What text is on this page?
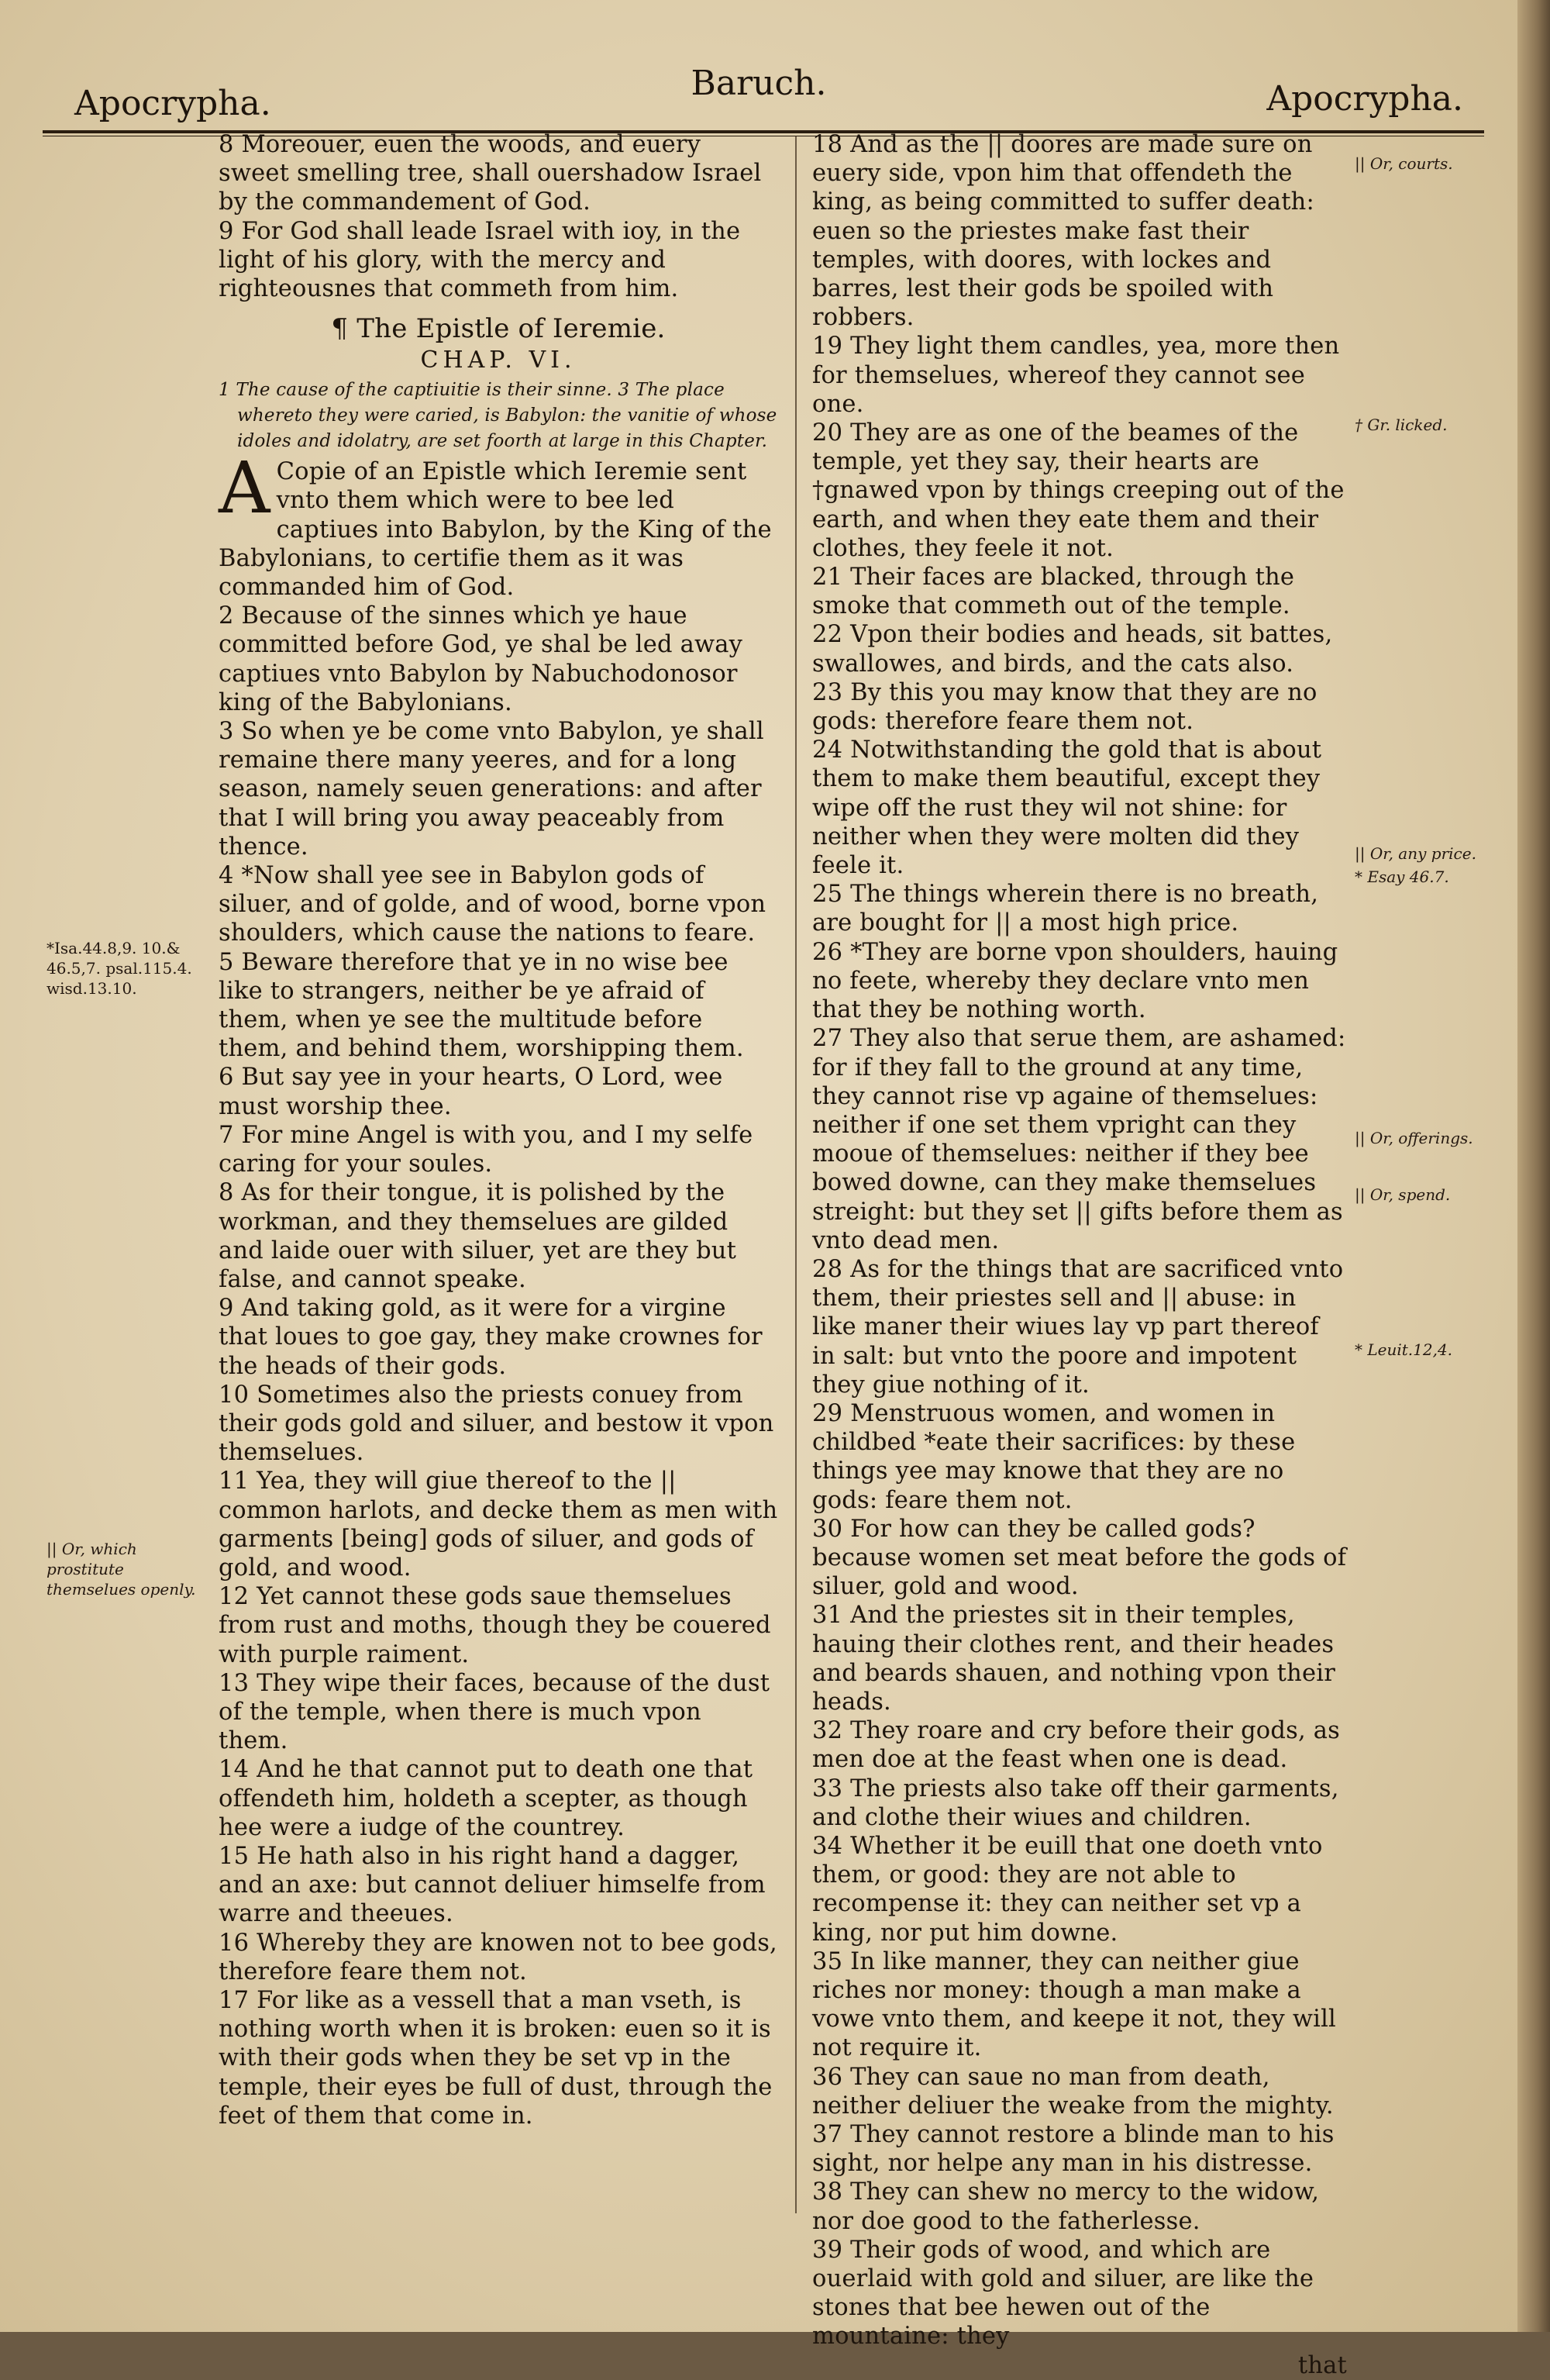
Apocrypha.
Baruch.	Apocrypha.

8 Moreouer, euen the woods, and euery sweet smelling tree, shall ouershadow Israel by the commandement of God.

9 For God shall leade Israel with ioy, in the light of his glory, with the mercy and righteousnes that commeth from him.

¶ The Epistle of Ieremie.
CHAP. VI.

1 The cause of the captiuitie is their sinne. 3 The place whereto they were caried, is Babylon: the vanitie of whose idoles and idolatry, are set foorth at large in this Chapter.

A Copie of an Epistle which Ieremie sent vnto them which were to bee led captiues into Babylon, by the King of the Babylonians, to certifie them as it was commanded him of God.

2 Because of the sinnes which ye haue committed before God, ye shal be led away captiues vnto Babylon by Nabuchodonosor king of the Babylonians.

3 So when ye be come vnto Babylon, ye shall remaine there many yeeres, and for a long season, namely seuen generations: and after that I will bring you away peaceably from thence.

4 *Now shall yee see in Babylon gods of siluer, and of golde, and of wood, borne vpon shoulders, which cause the nations to feare.

5 Beware therefore that ye in no wise bee like to strangers, neither be ye afraid of them, when ye see the multitude before them, and behind them, worshipping them.

6 But say yee in your hearts, O Lord, wee must worship thee.

7 For mine Angel is with you, and I my selfe caring for your soules.

8 As for their tongue, it is polished by the workman, and they themselues are gilded and laide ouer with siluer, yet are they but false, and cannot speake.

9 And taking gold, as it were for a virgine that loues to goe gay, they make crownes for the heads of their gods.

10 Sometimes also the priests conuey from their gods gold and siluer, and bestow it vpon themselues.

11 Yea, they will giue thereof to the || common harlots, and decke them as men with garments [being] gods of siluer, and gods of gold, and wood.

12 Yet cannot these gods saue themselues from rust and moths, though they be couered with purple raiment.

13 They wipe their faces, because of the dust of the temple, when there is much vpon them.

14 And he that cannot put to death one that offendeth him, holdeth a scepter, as though hee were a iudge of the countrey.

15 He hath also in his right hand a dagger, and an axe: but cannot deliuer himselfe from warre and theeues.

16 Whereby they are knowen not to bee gods, therefore feare them not.

17 For like as a vessell that a man vseth, is nothing worth when it is broken: euen so it is with their gods when they be set vp in the temple, their eyes be full of dust, through the feet of them that come in.

18 And as the || doores are made sure on euery side, vpon him that offendeth the king, as being committed to suffer death: euen so the priestes make fast their temples, with doores, with lockes and barres, lest their gods be spoiled with robbers.

19 They light them candles, yea, more then for themselues, whereof they cannot see one.

20 They are as one of the beames of the temple, yet they say, their hearts are †gnawed vpon by things creeping out of the earth, and when they eate them and their clothes, they feele it not.

21 Their faces are blacked, through the smoke that commeth out of the temple.

22 Vpon their bodies and heads, sit battes, swallowes, and birds, and the cats also.

23 By this you may know that they are no gods: therefore feare them not.

24 Notwithstanding the gold that is about them to make them beautiful, except they wipe off the rust they wil not shine: for neither when they were molten did they feele it.

25 The things wherein there is no breath, are bought for || a most high price.

26 *They are borne vpon shoulders, hauing no feete, whereby they declare vnto men that they be nothing worth.

27 They also that serue them, are ashamed: for if they fall to the ground at any time, they cannot rise vp againe of themselues: neither if one set them vpright can they mooue of themselues: neither if they bee bowed downe, can they make themselues streight: but they set || gifts before them as vnto dead men.

28 As for the things that are sacrificed vnto them, their priestes sell and || abuse: in like maner their wiues lay vp part thereof in salt: but vnto the poore and impotent they giue nothing of it.

29 Menstruous women, and women in childbed *eate their sacrifices: by these things yee may knowe that they are no gods: feare them not.

30 For how can they be called gods? because women set meat before the gods of siluer, gold and wood.

31 And the priestes sit in their temples, hauing their clothes rent, and their heades and beards shauen, and nothing vpon their heads.

32 They roare and cry before their gods, as men doe at the feast when one is dead.

33 The priests also take off their garments, and clothe their wiues and children.

34 Whether it be euill that one doeth vnto them, or good: they are not able to recompense it: they can neither set vp a king, nor put him downe.

35 In like manner, they can neither giue riches nor money: though a man make a vowe vnto them, and keepe it not, they will not require it.

36 They can saue no man from death, neither deliuer the weake from the mighty.

37 They cannot restore a blinde man to his sight, nor helpe any man in his distresse.

38 They can shew no mercy to the widow, nor doe good to the fatherlesse.

39 Their gods of wood, and which are ouerlaid with gold and siluer, are like the stones that bee hewen out of the mountaine: they

that

*Isa.44.8,9. 10.& 46.5,7. psal.115.4. wisd.13.10.
|| Or, which prostitute themselues openly.
|| Or, courts.
† Gr. licked.
|| Or, any price.
* Esay 46.7.
|| Or, offerings.
|| Or, spend.
* Leuit.12,4.
